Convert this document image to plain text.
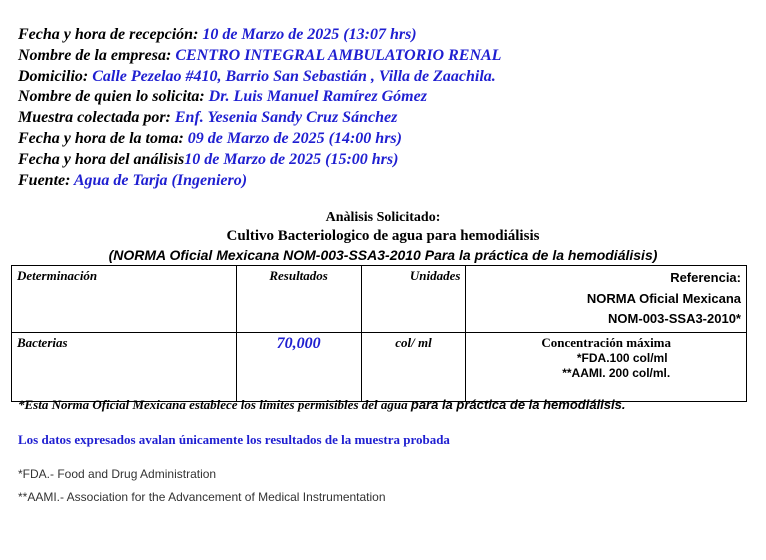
Fecha y hora de recepción: 10 de Marzo de 2025 (13:07 hrs)
Nombre de la empresa: CENTRO INTEGRAL AMBULATORIO RENAL
Domicilio: Calle Pezelao #410, Barrio San Sebastián , Villa de Zaachila.
Nombre de quien lo solicita: Dr. Luis Manuel Ramírez Gómez
Muestra colectada por: Enf. Yesenia Sandy Cruz Sánchez
Fecha y hora de la toma: 09 de Marzo de 2025 (14:00 hrs)
Fecha y hora del análisis10 de Marzo de 2025 (15:00 hrs)
Fuente: Agua de Tarja (Ingeniero)
Anàlisis Solicitado:
Cultivo Bacteriologico de agua para hemodiálisis
(NORMA Oficial Mexicana NOM-003-SSA3-2010 Para la práctica de la hemodiálisis)
Determinación	Resultados	Unidades	Referencia:
NORMA Oficial Mexicana
NOM-003-SSA3-2010*

Bacterias	70,000	col/ ml	Concentración máxima
*FDA.100 col/ml
**AAMI. 200 col/ml.
*Esta Norma Oficial Mexicana establece los límites permisibles del agua para la práctica de la hemodiálisis.
Los datos expresados avalan únicamente los resultados de la muestra probada
*FDA.- Food and Drug Administration
**AAMI.- Association for the Advancement of Medical Instrumentation
